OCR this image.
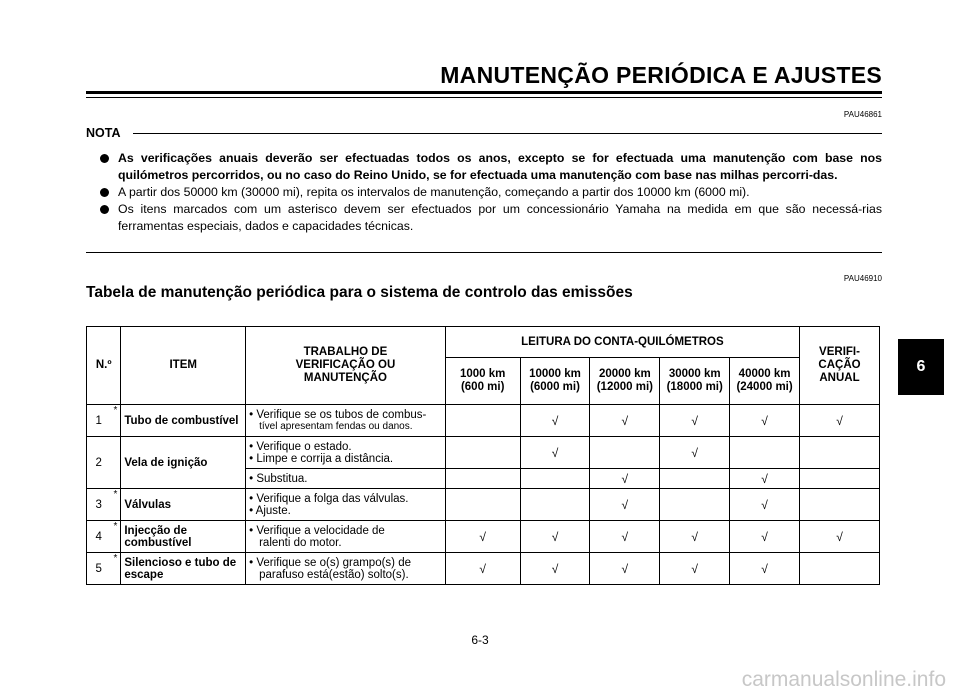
MANUTENÇÃO PERIÓDICA E AJUSTES
PAU46861
NOTA
As verificações anuais deverão ser efectuadas todos os anos, excepto se for efectuada uma manutenção com base nos quilómetros percorridos, ou no caso do Reino Unido, se for efectuada uma manutenção com base nas milhas percorri-das.
A partir dos 50000 km (30000 mi), repita os intervalos de manutenção, começando a partir dos 10000 km (6000 mi).
Os itens marcados com um asterisco devem ser efectuados por um concessionário Yamaha na medida em que são necessá-rias ferramentas especiais, dados e capacidades técnicas.
PAU46910
Tabela de manutenção periódica para o sistema de controlo das emissões
6
N.º		ITEM	TRABALHO DE VERIFICAÇÃO OU MANUTENÇÃO	LEITURA DO CONTA-QUILÓMETROS					VERIFI-CAÇÃO ANUAL
				1000 km
(600 mi)	10000 km
(6000 mi)	20000 km
(12000 mi)	30000 km
(18000 mi)	40000 km
(24000 mi)	
1	*	Tubo de combustível	• Verifique se os tubos de combus-
tível apresentam fendas ou danos.		√	√	√	√	√
2		Vela de ignição	• Verifique o estado.
• Limpe e corrija a distância.		√		√		
			• Substitua.			√		√	
3	*	Válvulas	• Verifique a folga das válvulas.
• Ajuste.			√		√	
4	*	Injecção de combustível	• Verifique a velocidade de
ralenti do motor.	√	√	√	√	√	√
5	*	Silencioso e tubo de escape	• Verifique se o(s) grampo(s) de
parafuso está(estão) solto(s).	√	√	√	√	√	
6-3
carmanualsonline.info
